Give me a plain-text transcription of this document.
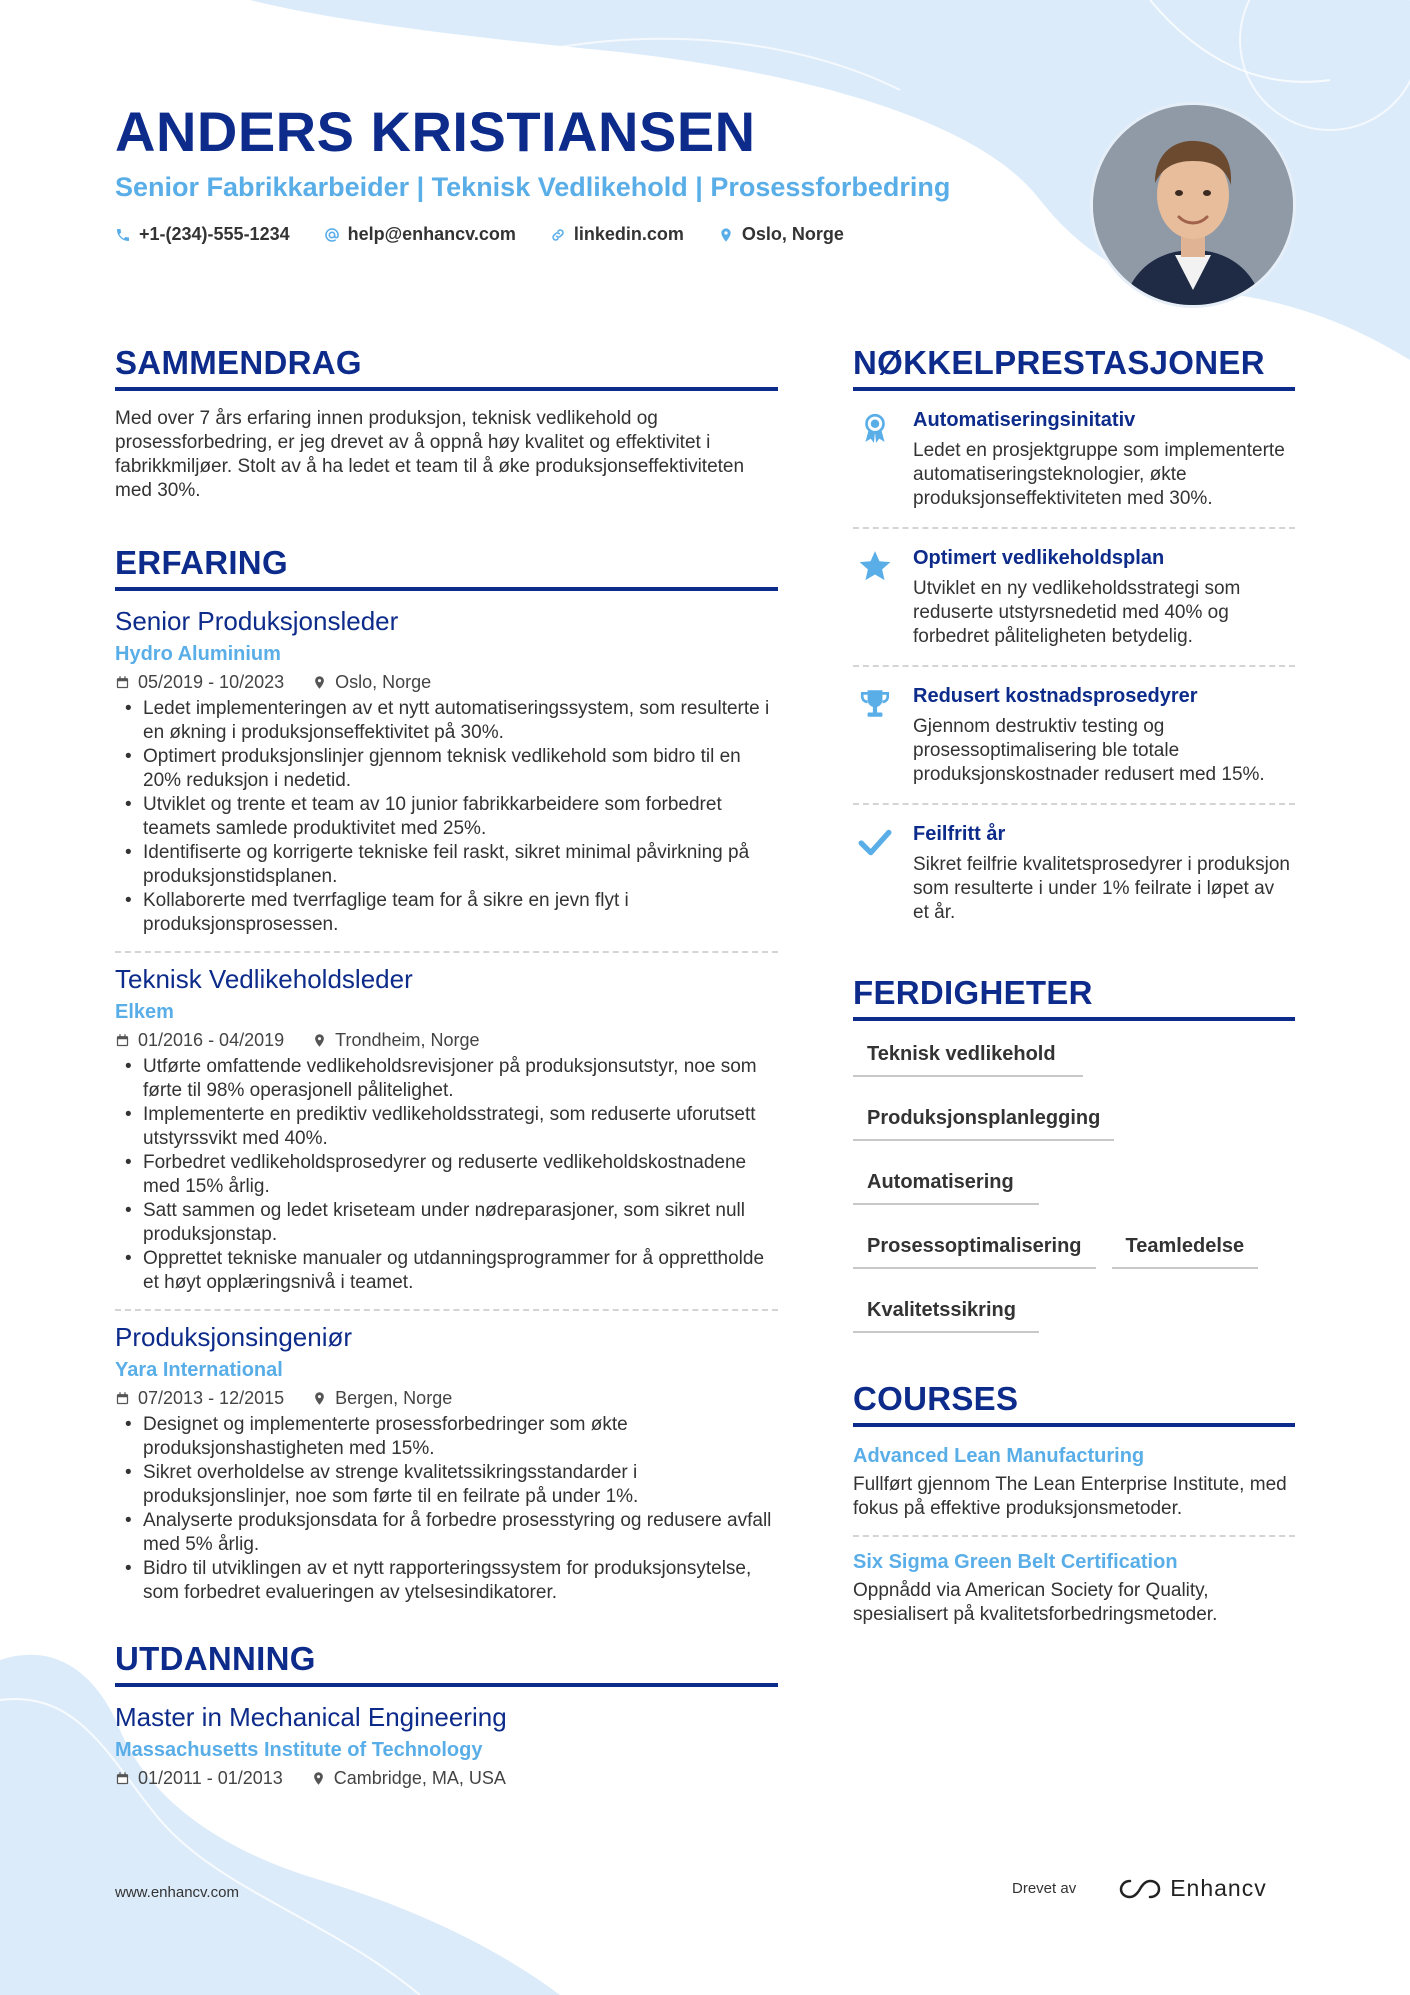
ANDERS KRISTIANSEN
Senior Fabrikkarbeider | Teknisk Vedlikehold | Prosessforbedring
+1-(234)-555-1234	help@enhancv.com	linkedin.com	Oslo, Norge
SAMMENDRAG
Med over 7 års erfaring innen produksjon, teknisk vedlikehold og prosessforbedring, er jeg drevet av å oppnå høy kvalitet og effektivitet i fabrikkmiljøer. Stolt av å ha ledet et team til å øke produksjonseffektiviteten med 30%.
ERFARING
Senior Produksjonsleder
Hydro Aluminium
05/2019 - 10/2023	Oslo, Norge
• Ledet implementeringen av et nytt automatiseringssystem, som resulterte i en økning i produksjonseffektivitet på 30%.
• Optimert produksjonslinjer gjennom teknisk vedlikehold som bidro til en 20% reduksjon i nedetid.
• Utviklet og trente et team av 10 junior fabrikkarbeidere som forbedret teamets samlede produktivitet med 25%.
• Identifiserte og korrigerte tekniske feil raskt, sikret minimal påvirkning på produksjonstidsplanen.
• Kollaborerte med tverrfaglige team for å sikre en jevn flyt i produksjonsprosessen.
Teknisk Vedlikeholdsleder
Elkem
01/2016 - 04/2019	Trondheim, Norge
• Utførte omfattende vedlikeholdsrevisjoner på produksjonsutstyr, noe som førte til 98% operasjonell pålitelighet.
• Implementerte en prediktiv vedlikeholdsstrategi, som reduserte uforutsett utstyrssvikt med 40%.
• Forbedret vedlikeholdsprosedyrer og reduserte vedlikeholdskostnadene med 15% årlig.
• Satt sammen og ledet kriseteam under nødreparasjoner, som sikret null produksjonstap.
• Opprettet tekniske manualer og utdanningsprogrammer for å opprettholde et høyt opplæringsnivå i teamet.
Produksjonsingeniør
Yara International
07/2013 - 12/2015	Bergen, Norge
• Designet og implementerte prosessforbedringer som økte produksjonshastigheten med 15%.
• Sikret overholdelse av strenge kvalitetssikringsstandarder i produksjonslinjer, noe som førte til en feilrate på under 1%.
• Analyserte produksjonsdata for å forbedre prosesstyring og redusere avfall med 5% årlig.
• Bidro til utviklingen av et nytt rapporteringssystem for produksjonsytelse, som forbedret evalueringen av ytelsesindikatorer.
UTDANNING
Master in Mechanical Engineering
Massachusetts Institute of Technology
01/2011 - 01/2013	Cambridge, MA, USA
NØKKELPRESTASJONER
Automatiseringsinitativ
Ledet en prosjektgruppe som implementerte automatiseringsteknologier, økte produksjonseffektiviteten med 30%.
Optimert vedlikeholdsplan
Utviklet en ny vedlikeholdsstrategi som reduserte utstyrsnedetid med 40% og forbedret påliteligheten betydelig.
Redusert kostnadsprosedyrer
Gjennom destruktiv testing og prosessoptimalisering ble totale produksjonskostnader redusert med 15%.
Feilfritt år
Sikret feilfrie kvalitetsprosedyrer i produksjon som resulterte i under 1% feilrate i løpet av et år.
FERDIGHETER
Teknisk vedlikehold
Produksjonsplanlegging
Automatisering
Prosessoptimalisering	Teamledelse
Kvalitetssikring
COURSES
Advanced Lean Manufacturing
Fullført gjennom The Lean Enterprise Institute, med fokus på effektive produksjonsmetoder.
Six Sigma Green Belt Certification
Oppnådd via American Society for Quality, spesialisert på kvalitetsforbedringsmetoder.
www.enhancv.com	Drevet av	Enhancv
